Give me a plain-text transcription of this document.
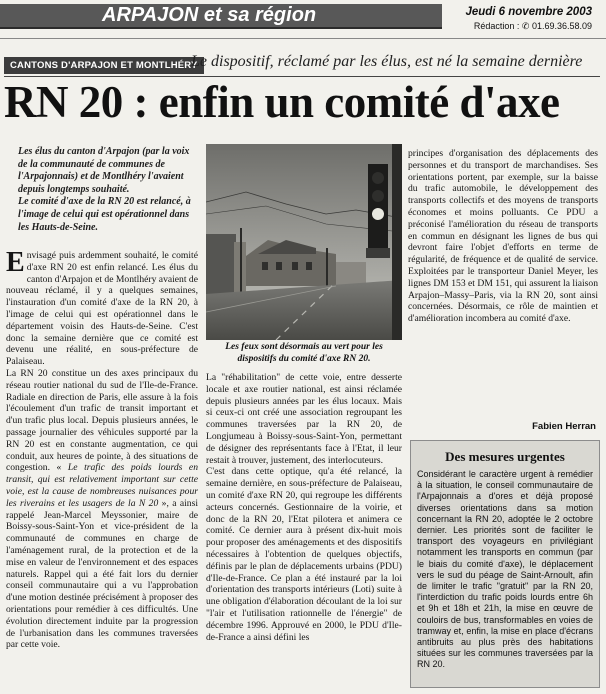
ARPAJON et sa région	Jeudi 6 novembre 2003
Rédaction : ✆ 01.69.36.58.09
CANTONS D'ARPAJON ET MONTLHÉRY
Le dispositif, réclamé par les élus, est né la semaine dernière
RN 20 : enfin un comité d'axe

Les élus du canton d'Arpajon (par la voix de la communauté de communes de l'Arpajonnais) et de Montlhéry l'avaient depuis longtemps souhaité.

Le comité d'axe de la RN 20 est relancé, à l'image de celui qui est opérationnel dans les Hauts-de-Seine.

Envisagé puis ardemment souhaité, le comité d'axe RN 20 est enfin relancé. Les élus du canton d'Arpajon et de Montlhéry avaient de nouveau réclamé, il y a quelques semaines, l'instauration d'un comité d'axe de la RN 20, à l'image de celui qui est opérationnel dans le département voisin des Hauts-de-Seine. C'est donc la semaine dernière que ce comité est devenu une réalité, en sous-préfecture de Palaiseau.

La RN 20 constitue un des axes principaux du réseau routier national du sud de l'Ile-de-France. Radiale en direction de Paris, elle assure à la fois l'écoulement d'un trafic de transit important et d'un trafic plus local. Depuis plusieurs années, le passage journalier des véhicules supporté par la RN 20 est en constante augmentation, ce qui conduit, aux heures de pointe, à des situations de congestion. « Le trafic des poids lourds en transit, qui est relativement important sur cette voie, est la cause de nombreuses nuisances pour les riverains et les usagers de la N 20 », a ainsi rappelé Jean-Marcel Meyssonier, maire de Boissy-sous-Saint-Yon et vice-président de la communauté de communes en charge de l'aménagement rural, de la protection et de la mise en valeur de l'environnement et des espaces naturels. Rappel qui a été fait lors du dernier conseil communautaire qui a vu l'approbation d'une motion destinée précisément à proposer des orientations pour remédier à ces difficultés. Une évolution directement induite par la progression de l'urbanisation dans les communes traversées par cette voie.

Les feux sont désormais au vert pour les dispositifs du comité d'axe RN 20.

La "réhabilitation" de cette voie, entre desserte locale et axe routier national, est ainsi réclamée depuis plusieurs années par les élus locaux. Mais si ceux-ci ont créé une association regroupant les communes traversées par la RN 20, de Longjumeau à Boissy-sous-Saint-Yon, permettant de désigner des représentants face à l'Etat, il leur restait à trouver, justement, des interlocuteurs.

C'est dans cette optique, qu'a été relancé, la semaine dernière, en sous-préfecture de Palaiseau, un comité d'axe RN 20, qui regroupe les différents acteurs concernés. Gestionnaire de la voirie, et donc de la RN 20, l'Etat pilotera et animera ce comité. Ce dernier aura à présent dix-huit mois pour proposer des aménagements et des dispositifs nécessaires à l'obtention de quelques objectifs, définis par le plan de déplacements urbains (PDU) d'Ile-de-France. Ce plan a été instauré par la loi d'orientation des transports intérieurs (Loti) suite à une obligation d'élaboration découlant de la loi sur "l'air et l'utilisation rationnelle de l'énergie" de décembre 1996. Approuvé en 2000, le PDU d'Ile-de-France a ainsi défini les

principes d'organisation des déplacements des personnes et du transport de marchandises. Ses orientations portent, par exemple, sur la baisse du trafic automobile, le développement des transports collectifs et des moyens de transports économes et moins polluants. Ce PDU a préconisé l'amélioration du réseau de transports en commun en désignant les lignes de bus qui devront faire l'objet d'efforts en terme de régularité, de fréquence et de qualité de service. Exploitées par le transporteur Daniel Meyer, les lignes DM 153 et DM 151, qui assurent la liaison Arpajon–Massy–Paris, via la RN 20, sont ainsi concernées. Désormais, ce rôle de maintien et d'amélioration incombera au comité d'axe.

Fabien Herran
Des mesures urgentes

Considérant le caractère urgent à remédier à la situation, le conseil communautaire de l'Arpajonnais a d'ores et déjà proposé diverses orientations dans sa motion concernant la RN 20, adoptée le 2 octobre dernier. Les priorités sont de faciliter le transport des voyageurs en privilégiant notamment les transports en commun (par le biais du comité d'axe), le déplacement vers le sud du péage de Saint-Arnoult, afin de limiter le trafic "gratuit" par la RN 20, l'interdiction du trafic poids lourds entre 6h et 9h et 18h et 21h, la mise en œuvre de couloirs de bus, transformables en voies de tramway et, enfin, la mise en place d'écrans antibruits au plus près des habitations situées sur les communes traversées par la RN 20.
